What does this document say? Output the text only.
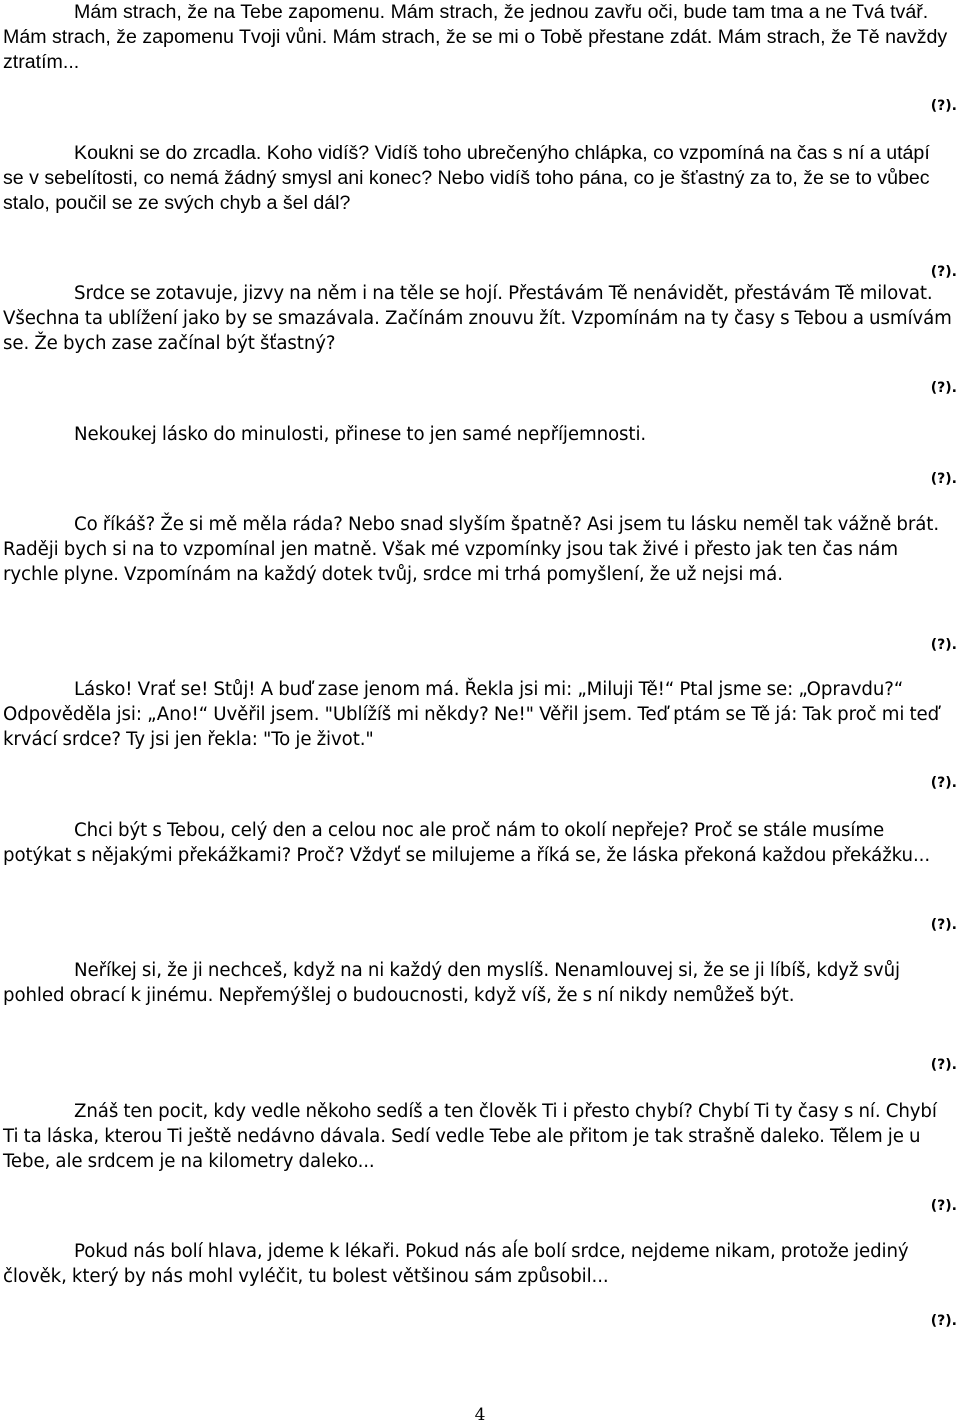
Mám strach, že na Tebe zapomenu. Mám strach, že jednou zavřu oči, bude tam tma a ne Tvá tvář. Mám strach, že zapomenu Tvoji vůni. Mám strach, že se mi o Tobě přestane zdát. Mám strach, že Tě navždy ztratím...

(?).

Koukni se do zrcadla. Koho vidíš? Vidíš toho ubrečenýho chlápka, co vzpomíná na čas s ní a utápí se v sebelítosti, co nemá žádný smysl ani konec? Nebo vidíš toho pána, co je šťastný za to, že se to vůbec stalo, poučil se ze svých chyb a šel dál?

(?).

Srdce se zotavuje, jizvy na něm i na těle se hojí. Přestávám Tě nenávidět, přestávám Tě milovat. Všechna ta ublížení jako by se smazávala. Začínám znouvu žít. Vzpomínám na ty časy s Tebou a usmívám se. Že bych zase začínal být šťastný?

(?).

Nekoukej lásko do minulosti, přinese to jen samé nepříjemnosti.

(?).

Co říkáš? Že si mě měla ráda? Nebo snad slyším špatně? Asi jsem tu lásku neměl tak vážně brát. Raději bych si na to vzpomínal jen matně. Však mé vzpomínky jsou tak živé i přesto jak ten čas nám rychle plyne. Vzpomínám na každý dotek tvůj, srdce mi trhá pomyšlení, že už nejsi má.

(?).

Lásko! Vrať se! Stůj! A buď zase jenom má. Řekla jsi mi: „Miluji Tě!“ Ptal jsme se: „Opravdu?“ Odpověděla jsi: „Ano!“ Uvěřil jsem. "Ublížíš mi někdy? Ne!" Věřil jsem. Teď ptám se Tě já: Tak proč mi teď krvácí srdce? Ty jsi jen řekla: "To je život."

(?).

Chci být s Tebou, celý den a celou noc ale proč nám to okolí nepřeje? Proč se stále musíme potýkat s nějakými překážkami? Proč? Vždyť se milujeme a říká se, že láska překoná každou překážku...

(?).

Neříkej si, že ji nechceš, když na ni každý den myslíš. Nenamlouvej si, že se ji líbíš, když svůj pohled obrací k jinému. Nepřemýšlej o budoucnosti, když víš, že s ní nikdy nemůžeš být.

(?).

Znáš ten pocit, kdy vedle někoho sedíš a ten člověk Ti i přesto chybí? Chybí Ti ty časy s ní. Chybí Ti ta láska, kterou Ti ještě nedávno dávala. Sedí vedle Tebe ale přitom je tak strašně daleko. Tělem je u Tebe, ale srdcem je na kilometry daleko...

(?).

Pokud nás bolí hlava, jdeme k lékaři. Pokud nás aĺe bolí srdce, nejdeme nikam, protože jediný člověk, který by nás mohl vyléčit, tu bolest většinou sám způsobil...

(?).

4
